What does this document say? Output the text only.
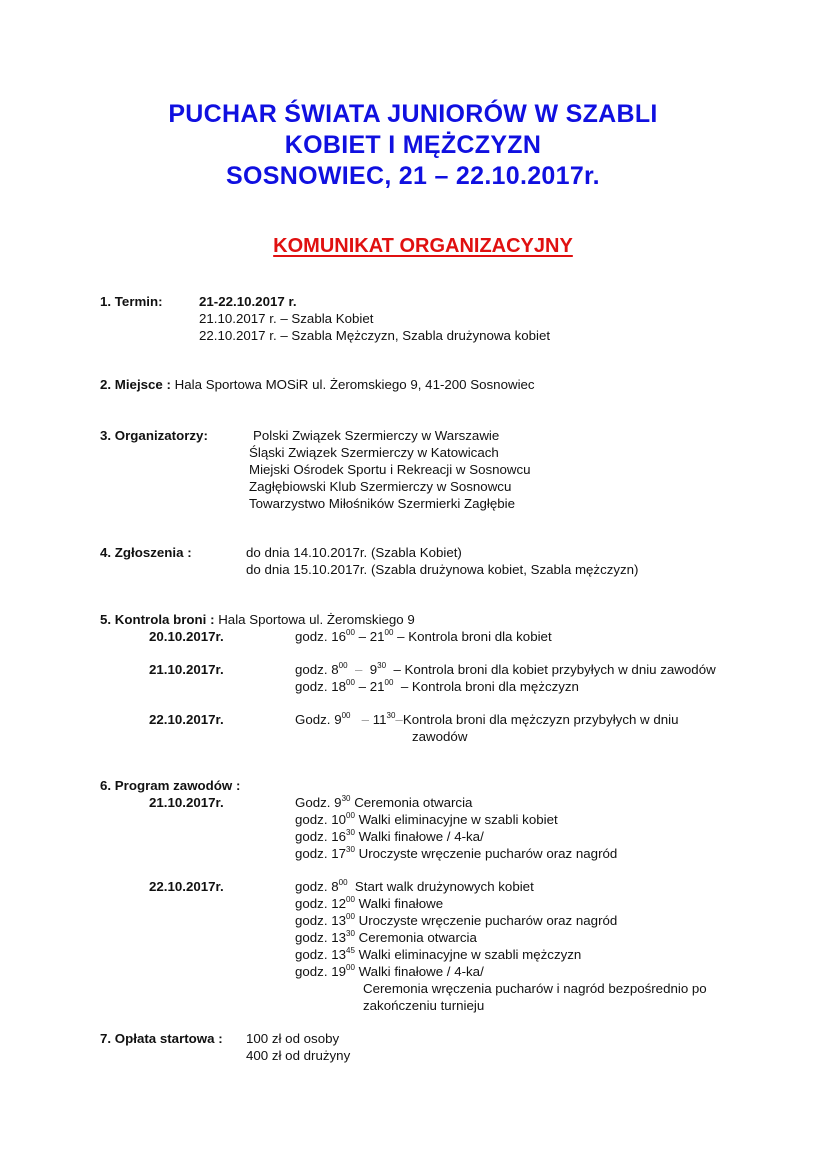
PUCHAR ŚWIATA JUNIORÓW W SZABLI
KOBIET I MĘŻCZYZN
SOSNOWIEC, 21 – 22.10.2017r.
KOMUNIKAT ORGANIZACYJNY
1. Termin:	21-22.10.2017 r.
21.10.2017 r. – Szabla Kobiet
22.10.2017 r. – Szabla Mężczyzn, Szabla drużynowa kobiet
2. Miejsce : Hala Sportowa MOSiR ul. Żeromskiego 9, 41-200 Sosnowiec
3. Organizatorzy:	Polski Związek Szermierczy w Warszawie
Śląski Związek Szermierczy w Katowicach
Miejski Ośrodek Sportu i Rekreacji w Sosnowcu
Zagłębiowski Klub Szermierczy w Sosnowcu
Towarzystwo Miłośników Szermierki Zagłębie
4. Zgłoszenia :	do dnia 14.10.2017r. (Szabla Kobiet)
do dnia 15.10.2017r. (Szabla drużynowa kobiet, Szabla mężczyzn)
5. Kontrola broni : Hala Sportowa ul. Żeromskiego 9
20.10.2017r.	godz. $16^{00} - 21^{00}$ – Kontrola broni dla kobiet
21.10.2017r.	godz. $8^{00} - 9^{30}$ – Kontrola broni dla kobiet przybyłych w dniu zawodów
godz. $18^{00} - 21^{00}$ – Kontrola broni dla mężczyzn
22.10.2017r.	Godz. $9^{00}$ – $11^{30}$–Kontrola broni dla mężczyzn przybyłych w dniu
zawodów
6. Program zawodów :
21.10.2017r.	Godz. $9^{30}$ Ceremonia otwarcia
godz. $10^{00}$ Walki eliminacyjne w szabli kobiet
godz. $16^{30}$ Walki finałowe / 4-ka/
godz. $17^{30}$ Uroczyste wręczenie pucharów oraz nagród
22.10.2017r.	godz. $8^{00}$ Start walk drużynowych kobiet
godz. $12^{00}$ Walki finałowe
godz. $13^{00}$ Uroczyste wręczenie pucharów oraz nagród
godz. $13^{30}$ Ceremonia otwarcia
godz. $13^{45}$ Walki eliminacyjne w szabli mężczyzn
godz. $19^{00}$ Walki finałowe / 4-ka/
Ceremonia wręczenia pucharów i nagród bezpośrednio po
zakończeniu turnieju
7. Opłata startowa : 100 zł od osoby
400 zł od drużyny
